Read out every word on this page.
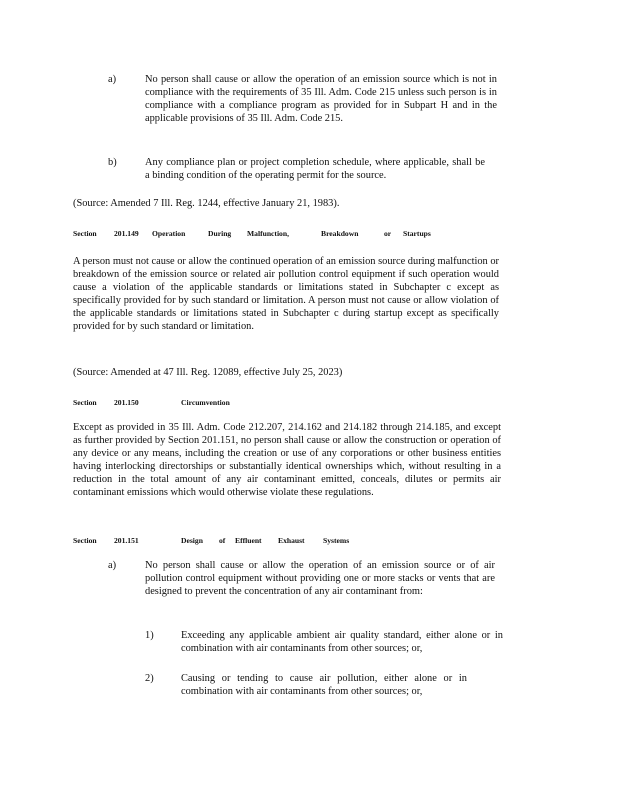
a)	No person shall cause or allow the operation of an emission source which is not in compliance with the requirements of 35 Ill. Adm. Code 215 unless such person is in compliance with a compliance program as provided for in Subpart H and in the applicable provisions of 35 Ill. Adm. Code 215.
b)	Any compliance plan or project completion schedule, where applicable, shall be a binding condition of the operating permit for the source.
(Source: Amended 7 Ill. Reg. 1244, effective January 21, 1983).
Section 201.149 Operation	During Malfunction,	Breakdown	or Startups
A person must not cause or allow the continued operation of an emission source during malfunction or breakdown of the emission source or related air pollution control equipment if such operation would cause a violation of the applicable standards or limitations stated in Subchapter c except as specifically provided for by such standard or limitation. A person must not cause or allow violation of the applicable standards or limitations stated in Subchapter c during startup except as specifically provided for by such standard or limitation.
(Source: Amended at 47 Ill. Reg. 12089, effective July 25, 2023)
Section 201.150	Circumvention
Except as provided in 35 Ill. Adm. Code 212.207, 214.162 and 214.182 through 214.185, and except as further provided by Section 201.151, no person shall cause or allow the construction or operation of any device or any means, including the creation or use of any corporations or other business entities having interlocking directorships or substantially identical ownerships which, without resulting in a reduction in the total amount of any air contaminant emitted, conceals, dilutes or permits air contaminant emissions which would otherwise violate these regulations.
Section 201.151	Design of Effluent Exhaust Systems
a)	No person shall cause or allow the operation of an emission source or of air pollution control equipment without providing one or more stacks or vents that are designed to prevent the concentration of any air contaminant from:
1)	Exceeding any applicable ambient air quality standard, either alone or in combination with air contaminants from other sources; or,
2)	Causing or tending to cause air pollution, either alone or in combination with air contaminants from other sources; or,
